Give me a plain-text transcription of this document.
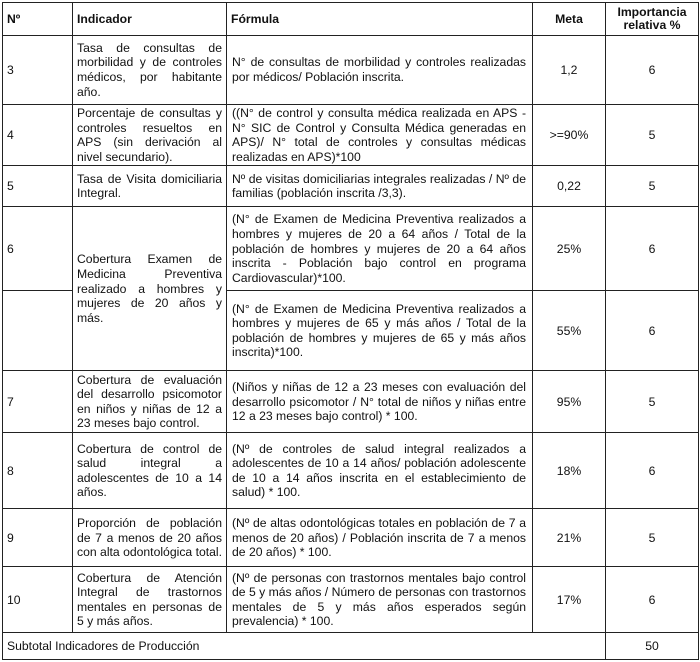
Nº	Indicador	Fórmula	Meta	Importancia relativa %
3	Tasa de consultas de morbilidad y de controles médicos, por habitante año.	N° de consultas de morbilidad y controles realizadas por médicos/ Población inscrita.	1,2	6
4	Porcentaje de consultas y controles resueltos en APS (sin derivación al nivel secundario).	((N° de control y consulta médica realizada en APS - N° SIC de Control y Consulta Médica generadas en APS)/ N° total de controles y consultas médicas realizadas en APS)*100	>=90%	5
5	Tasa de Visita domiciliaria Integral.	Nº de visitas domiciliarias integrales realizadas / Nº de familias (población inscrita /3,3).	0,22	5
6	Cobertura Examen de Medicina Preventiva realizado a hombres y mujeres de 20 años y más.	(N° de Examen de Medicina Preventiva realizados a hombres y mujeres de 20 a 64 años / Total de la población de hombres y mujeres de 20 a 64 años inscrita - Población bajo control en programa Cardiovascular)*100.	25%	6
		(N° de Examen de Medicina Preventiva realizados a hombres y mujeres de 65 y más años / Total de la población de hombres y mujeres de 65 y más años inscrita)*100.	55%	6
7	Cobertura de evaluación del desarrollo psicomotor en niños y niñas de 12 a 23 meses bajo control.	(Niños y niñas de 12 a 23 meses con evaluación del desarrollo psicomotor / N° total de niños y niñas entre 12 a 23 meses bajo control) * 100.	95%	5
8	Cobertura de control de salud integral a adolescentes de 10 a 14 años.	(Nº de controles de salud integral realizados a adolescentes de 10 a 14 años/ población adolescente de 10 a 14 años inscrita en el establecimiento de salud) * 100.	18%	6
9	Proporción de población de 7 a menos de 20 años con alta odontológica total.	(Nº de altas odontológicas totales en población de 7 a menos de 20 años) / Población inscrita de 7 a menos de 20 años) * 100.	21%	5
10	Cobertura de Atención Integral de trastornos mentales en personas de 5 y más años.	(Nº de personas con trastornos mentales bajo control de 5 y más años / Número de personas con trastornos mentales de 5 y más años esperados según prevalencia) * 100.	17%	6
Subtotal Indicadores de Producción				50
